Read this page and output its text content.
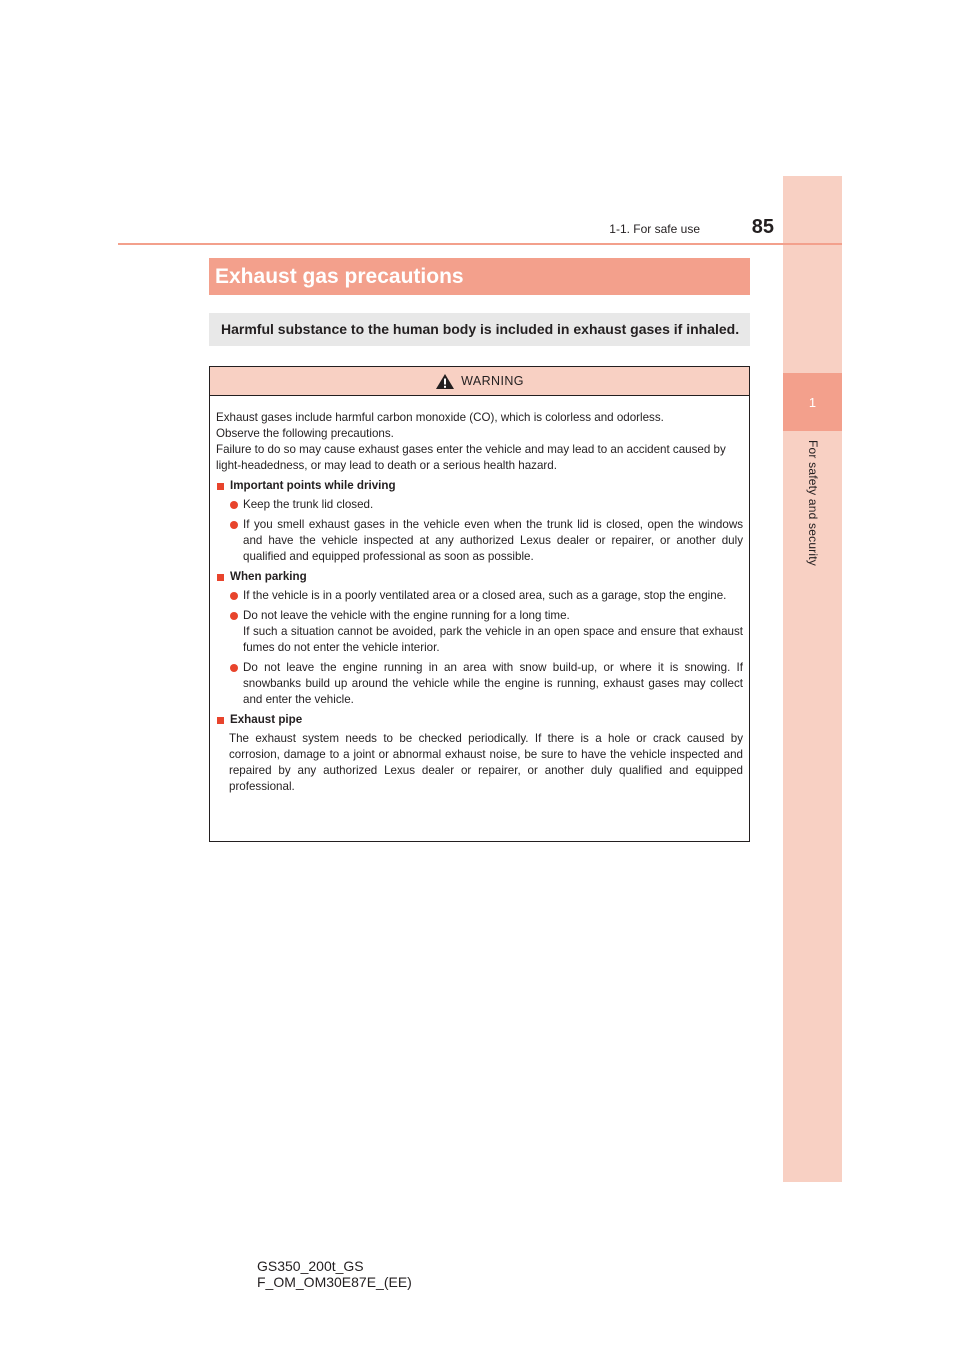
1
For safety and security
1-1. For safe use	85
Exhaust gas precautions
Harmful substance to the human body is included in exhaust gases if inhaled.
WARNING

Exhaust gases include harmful carbon monoxide (CO), which is colorless and odorless.

Observe the following precautions.

Failure to do so may cause exhaust gases enter the vehicle and may lead to an accident caused by light-headedness, or may lead to death or a serious health hazard.

Important points while driving
Keep the trunk lid closed.
If you smell exhaust gases in the vehicle even when the trunk lid is closed, open the windows and have the vehicle inspected at any authorized Lexus dealer or repairer, or another duly qualified and equipped professional as soon as possible.
When parking
If the vehicle is in a poorly ventilated area or a closed area, such as a garage, stop the engine.
Do not leave the vehicle with the engine running for a long time.
If such a situation cannot be avoided, park the vehicle in an open space and ensure that exhaust fumes do not enter the vehicle interior.
Do not leave the engine running in an area with snow build-up, or where it is snowing. If snowbanks build up around the vehicle while the engine is running, exhaust gases may collect and enter the vehicle.
Exhaust pipe
The exhaust system needs to be checked periodically. If there is a hole or crack caused by corrosion, damage to a joint or abnormal exhaust noise, be sure to have the vehicle inspected and repaired by any authorized Lexus dealer or repairer, or another duly qualified and equipped professional.
GS350_200t_GS F_OM_OM30E87E_(EE)
